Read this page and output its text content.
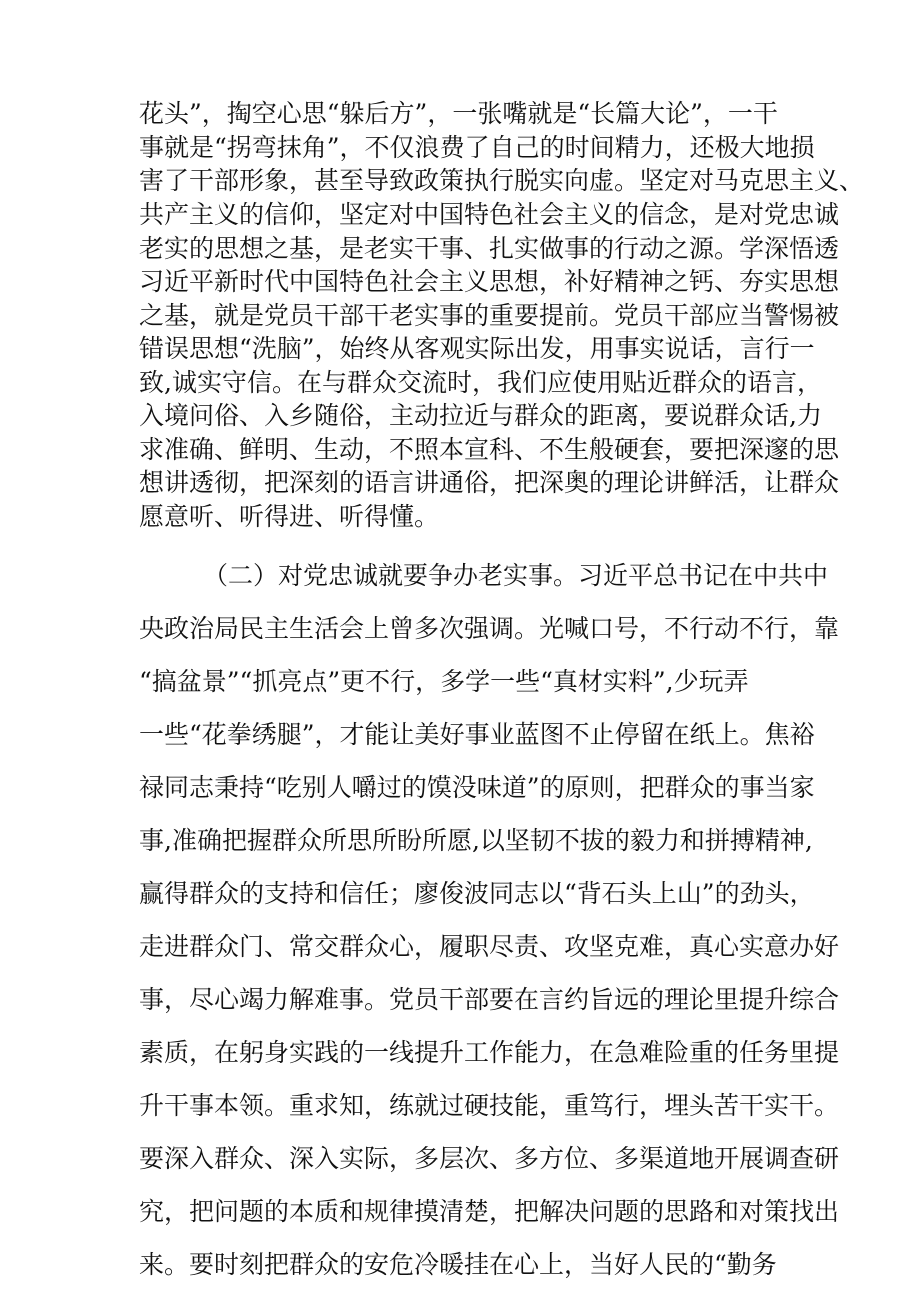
花头”，掏空心思“躲后方”，一张嘴就是“长篇大论”，一干

事就是“拐弯抹角”，不仅浪费了自己的时间精力，还极大地损

害了干部形象，甚至导致政策执行脱实向虚。坚定对马克思主义、

共产主义的信仰，坚定对中国特色社会主义的信念，是对党忠诚

老实的思想之基，是老实干事、扎实做事的行动之源。学深悟透

习近平新时代中国特色社会主义思想，补好精神之钙、夯实思想

之基，就是党员干部干老实事的重要提前。党员干部应当警惕被

错误思想“洗脑”，始终从客观实际出发，用事实说话，言行一

致,诚实守信。在与群众交流时，我们应使用贴近群众的语言，

入境问俗、入乡随俗，主动拉近与群众的距离，要说群众话,力

求准确、鲜明、生动，不照本宣科、不生般硬套，要把深邃的思

想讲透彻，把深刻的语言讲通俗，把深奥的理论讲鲜活，让群众

愿意听、听得进、听得懂。

（二）对党忠诚就要争办老实事。习近平总书记在中共中

央政治局民主生活会上曾多次强调。光喊口号，不行动不行，靠

“搞盆景”“抓亮点”更不行，多学一些“真材实料”,少玩弄

一些“花拳绣腿”，才能让美好事业蓝图不止停留在纸上。焦裕

禄同志秉持“吃别人嚼过的馍没味道”的原则，把群众的事当家

事,准确把握群众所思所盼所愿,以坚韧不拔的毅力和拼搏精神,

赢得群众的支持和信任；廖俊波同志以“背石头上山”的劲头，

走进群众门、常交群众心，履职尽责、攻坚克难，真心实意办好

事，尽心竭力解难事。党员干部要在言约旨远的理论里提升综合

素质，在躬身实践的一线提升工作能力，在急难险重的任务里提

升干事本领。重求知，练就过硬技能，重笃行，埋头苦干实干。

要深入群众、深入实际，多层次、多方位、多渠道地开展调查研

究，把问题的本质和规律摸清楚，把解决问题的思路和对策找出

来。要时刻把群众的安危冷暖挂在心上，当好人民的“勤务
